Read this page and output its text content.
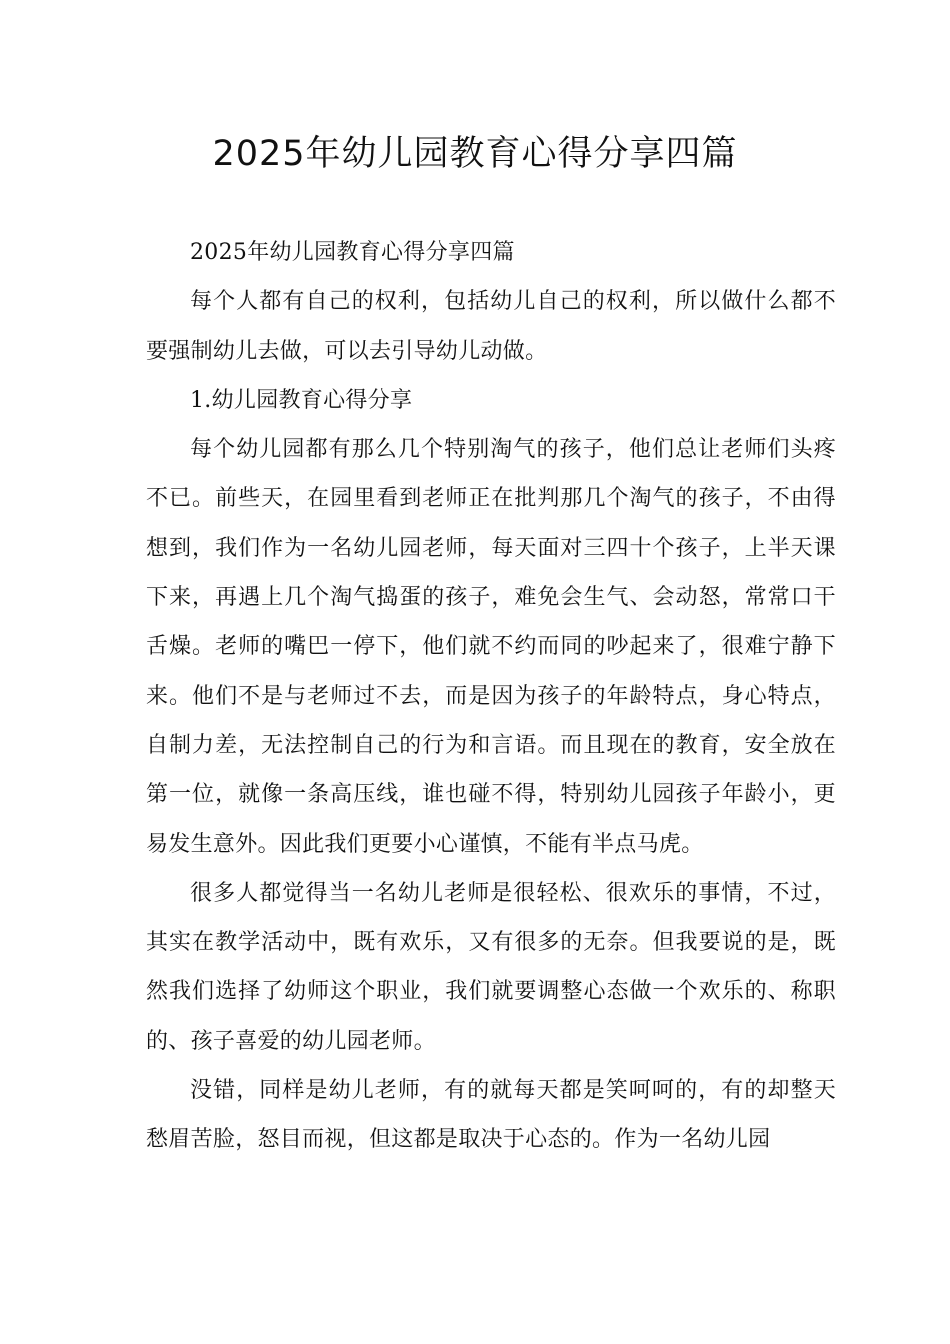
2025年幼儿园教育心得分享四篇

2025年幼儿园教育心得分享四篇

每个人都有自己的权利，包括幼儿自己的权利，所以做什么都不要强制幼儿去做，可以去引导幼儿动做。

1.幼儿园教育心得分享

每个幼儿园都有那么几个特别淘气的孩子，他们总让老师们头疼不已。前些天，在园里看到老师正在批判那几个淘气的孩子，不由得想到，我们作为一名幼儿园老师，每天面对三四十个孩子，上半天课下来，再遇上几个淘气捣蛋的孩子，难免会生气、会动怒，常常口干舌燥。老师的嘴巴一停下，他们就不约而同的吵起来了，很难宁静下来。他们不是与老师过不去，而是因为孩子的年龄特点，身心特点，自制力差，无法控制自己的行为和言语。而且现在的教育，安全放在第一位，就像一条高压线，谁也碰不得，特别幼儿园孩子年龄小，更易发生意外。因此我们更要小心谨慎，不能有半点马虎。

很多人都觉得当一名幼儿老师是很轻松、很欢乐的事情，不过，其实在教学活动中，既有欢乐，又有很多的无奈。但我要说的是，既然我们选择了幼师这个职业，我们就要调整心态做一个欢乐的、称职的、孩子喜爱的幼儿园老师。

没错，同样是幼儿老师，有的就每天都是笑呵呵的，有的却整天愁眉苦脸，怒目而视，但这都是取决于心态的。作为一名幼儿园
